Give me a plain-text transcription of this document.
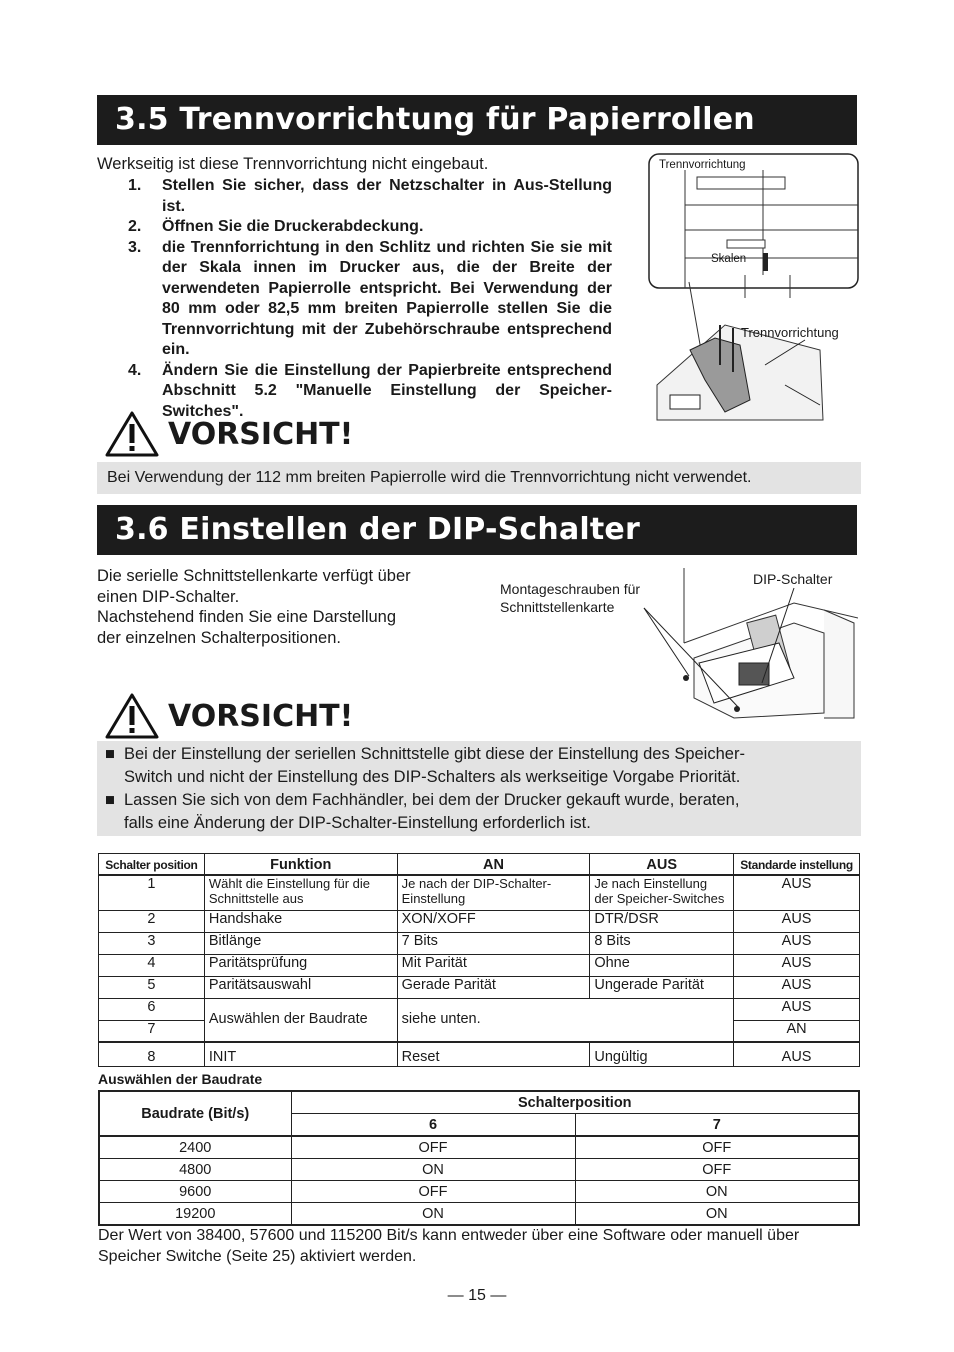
3.5 Trennvorrichtung für Papierrollen
Werkseitig ist diese Trennvorrichtung nicht eingebaut.
1.	Stellen Sie sicher, dass der Netzschalter in Aus-Stellung ist.
2.	Öffnen Sie die Druckerabdeckung.
3.	die Trennforrichtung in den Schlitz und richten Sie sie mit der Skala innen im Drucker aus, die der Breite der verwendeten Papierrolle entspricht. Bei Verwendung der 80 mm oder 82,5 mm breiten Papierrolle stellen Sie die Trennvorrichtung mit der Zubehörschraube entsprechend ein.
4.	Ändern Sie die Einstellung der Papierbreite entsprechend Abschnitt 5.2 "Manuelle Einstellung der Speicher-Switches".
Trennvorrichtung
Skalen
Trennvorrichtung
VORSICHT!
Bei Verwendung der 112 mm breiten Papierrolle wird die Trennvorrichtung nicht verwendet.
3.6 Einstellen der DIP-Schalter
Die serielle Schnittstellenkarte verfügt über
einen DIP-Schalter.
Nachstehend finden Sie eine Darstellung
der einzelnen Schalterpositionen.
Montageschrauben für
Schnittstellenkarte
DIP-Schalter
VORSICHT!
■ Bei der Einstellung der seriellen Schnittstelle gibt diese der Einstellung des Speicher-
Switch und nicht der Einstellung des DIP-Schalters als werkseitige Vorgabe Priorität.
■ Lassen Sie sich von dem Fachhändler, bei dem der Drucker gekauft wurde, beraten,
falls eine Änderung der DIP-Schalter-Einstellung erforderlich ist.
Schalter position	Funktion	AN	AUS	Standarde instellung
1	Wählt die Einstellung für die Schnittstelle aus	Je nach der DIP-Schalter-Einstellung	Je nach Einstellung der Speicher-Switches	AUS
2	Handshake	XON/XOFF	DTR/DSR	AUS
3	Bitlänge	7 Bits	8 Bits	AUS
4	Paritätsprüfung	Mit Parität	Ohne	AUS
5	Paritätsauswahl	Gerade Parität	Ungerade Parität	AUS
6	Auswählen der Baudrate	siehe unten.		AUS
7				AN
8	INIT	Reset	Ungültig	AUS
Auswählen der Baudrate
Baudrate (Bit/s)	Schalterposition	
	6	7
2400	OFF	OFF
4800	ON	OFF
9600	OFF	ON
19200	ON	ON
Der Wert von 38400, 57600 und 115200 Bit/s kann entweder über eine Software oder manuell über
Speicher Switche (Seite 25) aktiviert werden.
— 15 —
